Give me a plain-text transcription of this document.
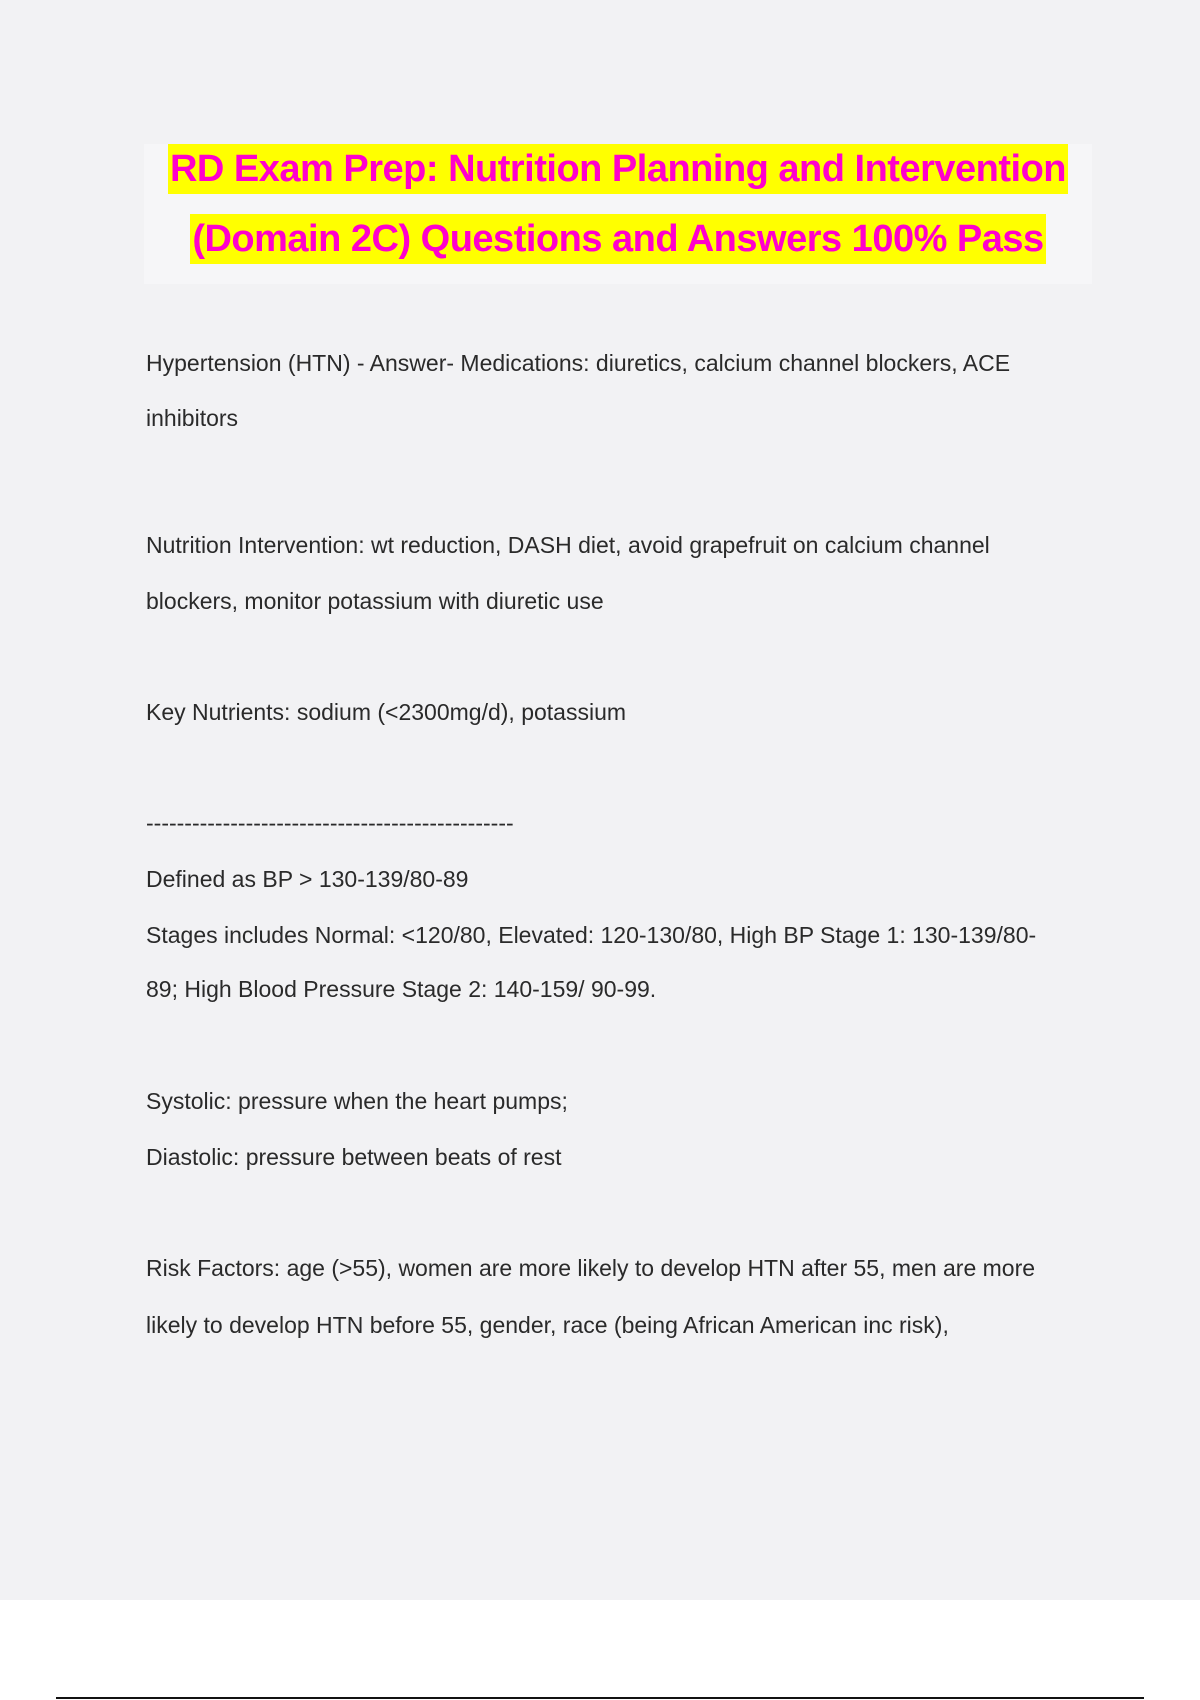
RD Exam Prep: Nutrition Planning and Intervention
(Domain 2C) Questions and Answers 100% Pass
Hypertension (HTN) - Answer- Medications: diuretics, calcium channel blockers, ACE
inhibitors
Nutrition Intervention: wt reduction, DASH diet, avoid grapefruit on calcium channel
blockers, monitor potassium with diuretic use
Key Nutrients: sodium (<2300mg/d), potassium
------------------------------------------------
Defined as BP > 130-139/80-89
Stages includes Normal: <120/80, Elevated: 120-130/80, High BP Stage 1: 130-139/80-
89; High Blood Pressure Stage 2: 140-159/ 90-99.
Systolic: pressure when the heart pumps;
Diastolic: pressure between beats of rest
Risk Factors: age (>55), women are more likely to develop HTN after 55, men are more
likely to develop HTN before 55, gender, race (being African American inc risk),
